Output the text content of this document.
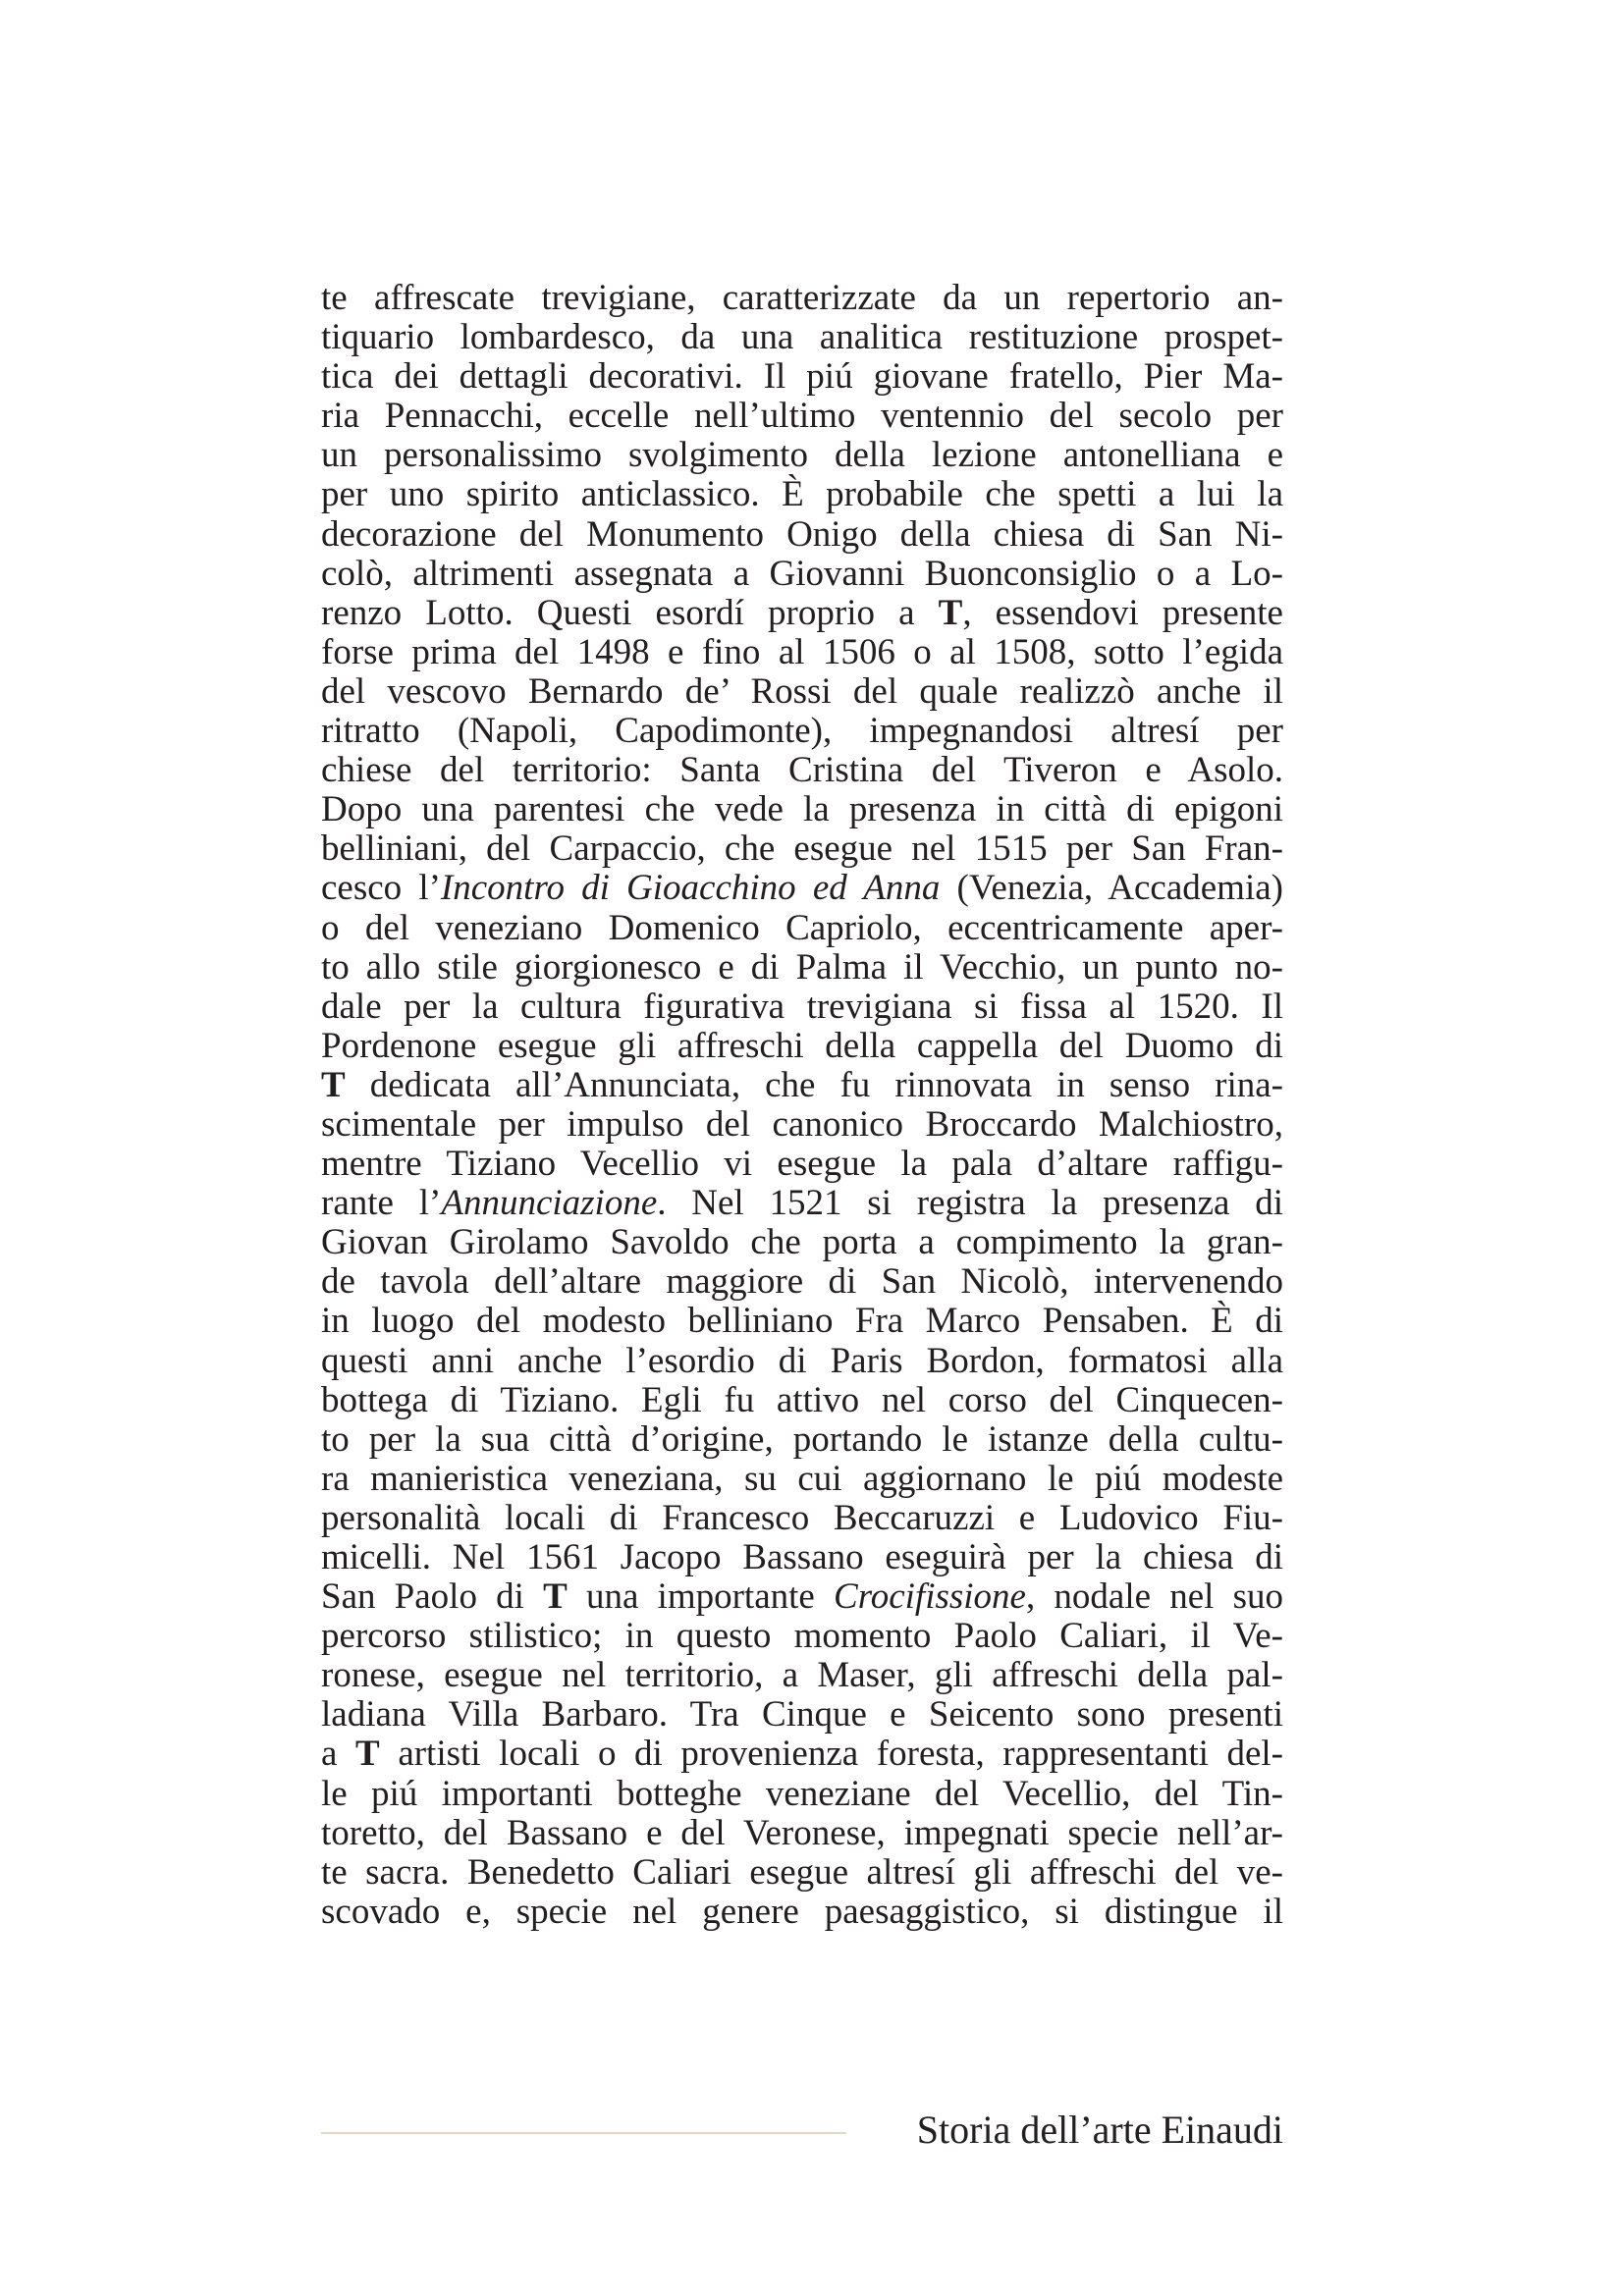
te affrescate trevigiane, caratterizzate da un repertorio an-
tiquario lombardesco, da una analitica restituzione prospet-
tica dei dettagli decorativi. Il piú giovane fratello, Pier Ma-
ria Pennacchi, eccelle nell’ultimo ventennio del secolo per
un personalissimo svolgimento della lezione antonelliana e
per uno spirito anticlassico. È probabile che spetti a lui la
decorazione del Monumento Onigo della chiesa di San Ni-
colò, altrimenti assegnata a Giovanni Buonconsiglio o a Lo-
renzo Lotto. Questi esordí proprio a T, essendovi presente
forse prima del 1498 e fino al 1506 o al 1508, sotto l’egida
del vescovo Bernardo de’ Rossi del quale realizzò anche il
ritratto (Napoli, Capodimonte), impegnandosi altresí per
chiese del territorio: Santa Cristina del Tiveron e Asolo.
Dopo una parentesi che vede la presenza in città di epigoni
belliniani, del Carpaccio, che esegue nel 1515 per San Fran-
cesco l’Incontro di Gioacchino ed Anna (Venezia, Accademia)
o del veneziano Domenico Capriolo, eccentricamente aper-
to allo stile giorgionesco e di Palma il Vecchio, un punto no-
dale per la cultura figurativa trevigiana si fissa al 1520. Il
Pordenone esegue gli affreschi della cappella del Duomo di
T dedicata all’Annunciata, che fu rinnovata in senso rina-
scimentale per impulso del canonico Broccardo Malchiostro,
mentre Tiziano Vecellio vi esegue la pala d’altare raffigu-
rante l’Annunciazione. Nel 1521 si registra la presenza di
Giovan Girolamo Savoldo che porta a compimento la gran-
de tavola dell’altare maggiore di San Nicolò, intervenendo
in luogo del modesto belliniano Fra Marco Pensaben. È di
questi anni anche l’esordio di Paris Bordon, formatosi alla
bottega di Tiziano. Egli fu attivo nel corso del Cinquecen-
to per la sua città d’origine, portando le istanze della cultu-
ra manieristica veneziana, su cui aggiornano le piú modeste
personalità locali di Francesco Beccaruzzi e Ludovico Fiu-
micelli. Nel 1561 Jacopo Bassano eseguirà per la chiesa di
San Paolo di T una importante Crocifissione, nodale nel suo
percorso stilistico; in questo momento Paolo Caliari, il Ve-
ronese, esegue nel territorio, a Maser, gli affreschi della pal-
ladiana Villa Barbaro. Tra Cinque e Seicento sono presenti
a T artisti locali o di provenienza foresta, rappresentanti del-
le piú importanti botteghe veneziane del Vecellio, del Tin-
toretto, del Bassano e del Veronese, impegnati specie nell’ar-
te sacra. Benedetto Caliari esegue altresí gli affreschi del ve-
scovado e, specie nel genere paesaggistico, si distingue il
Storia dell’arte Einaudi
